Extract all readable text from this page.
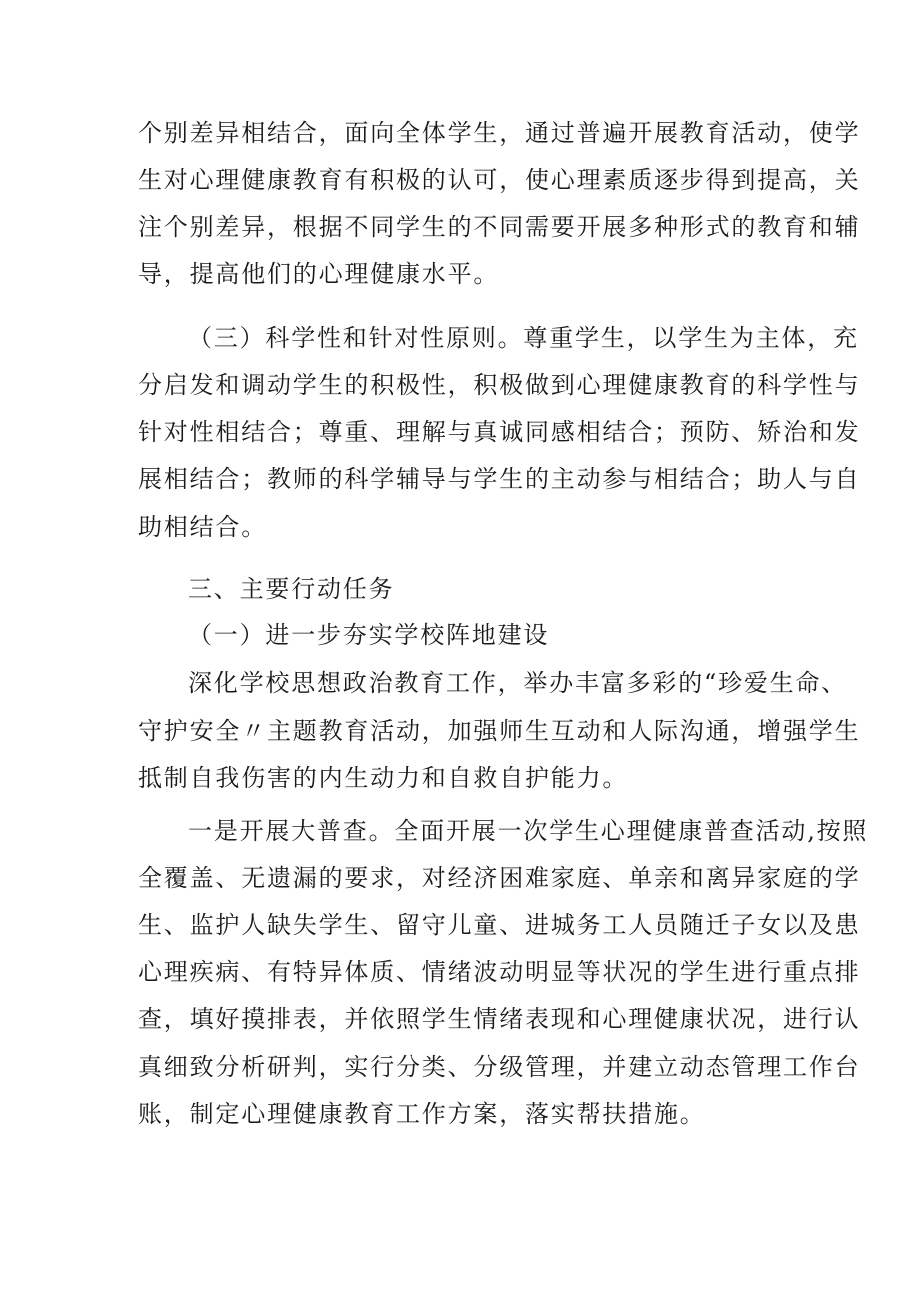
个别差异相结合，面向全体学生，通过普遍开展教育活动，使学
生对心理健康教育有积极的认可，使心理素质逐步得到提高，关
注个别差异，根据不同学生的不同需要开展多种形式的教育和辅
导，提高他们的心理健康水平。
（三）科学性和针对性原则。尊重学生，以学生为主体，充
分启发和调动学生的积极性，积极做到心理健康教育的科学性与
针对性相结合；尊重、理解与真诚同感相结合；预防、矫治和发
展相结合；教师的科学辅导与学生的主动参与相结合；助人与自
助相结合。
三、主要行动任务
（一）进一步夯实学校阵地建设
深化学校思想政治教育工作，举办丰富多彩的“珍爱生命、
守护安全〃主题教育活动，加强师生互动和人际沟通，增强学生
抵制自我伤害的内生动力和自救自护能力。
一是开展大普查。全面开展一次学生心理健康普查活动,按照
全覆盖、无遗漏的要求，对经济困难家庭、单亲和离异家庭的学
生、监护人缺失学生、留守儿童、进城务工人员随迁子女以及患
心理疾病、有特异体质、情绪波动明显等状况的学生进行重点排
查，填好摸排表，并依照学生情绪表现和心理健康状况，进行认
真细致分析研判，实行分类、分级管理，并建立动态管理工作台
账，制定心理健康教育工作方案，落实帮扶措施。
